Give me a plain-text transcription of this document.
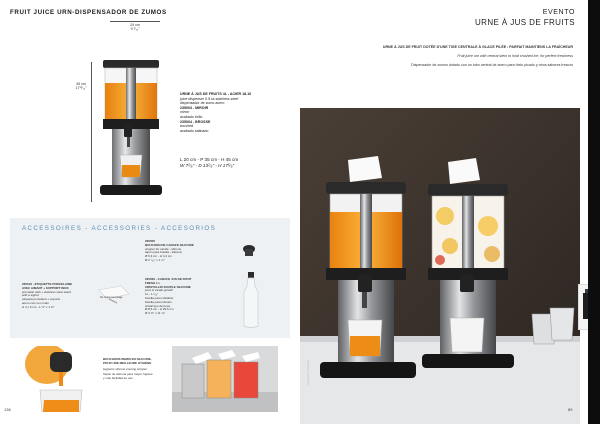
FRUIT JUICE URN-DISPENSADOR DE ZUMOS
24 cm
9 ⁷⁄₁₆"
45 cm
17¹¹⁄₁₆"
URNE À JUS DE FRUITS 4L - ACIER 18-10
juice dispenser 0.9 ss stainless steel
dispensador de zumo acero
235003 - MIROIR
mirror
acabado brillo
235004 - BROSSE
brushed
acabado satinado
L 20 cm - P 35 cm - H 45 cm
W 7⁷⁄₈" - D 13⁷⁄₈" - H 17⁵⁄₈"
ACCESSOIRES - ACCESSORIES - ACCESORIOS
235005
BOUCHON DE CARAFE SILICONE
stopper for carafe - silicone
tapón para botella - silicona
Ø 6,3 cm - H 4,4 cm
Ø 2 ⁷⁄₁₆" x 1 ¾"
235102 - ÉTIQUETTE PORCELAINE
AVEC AIMANT + SUPPORT INOX
porcelain slab + stainless steel stand
with a signal
etiqueta porcelana + soporte
acero inox con imán
H 4 x 6 cm - 1 ⅝" x 1 ⅜"
Ne coulera au lavage
235006 - CARAFE JUS DE FRUIT
FRESH 1 L
CRISTALLIN SOUPLE SILICONE
juice & carafe growth
1L - 1 ¹⁄₁₆"
botella para cristalino
botella para infusion
cristal tipo de boca
Ø 8,5 cm - H 29,5 cm
Ø 3 ⅜" x 11 ⅝"
BOUCHONS REMIS EN SILICONE,
POUR UNE MEILLEURE HYGIÈNE
Hygienic silicone pouring stopper
Tapón de silicona para mayor higiene
y más facilidad de uso
136
EVENTO
URNE À JUS DE FRUITS
URNE À JUS DE FRUIT DOTÉE D'UNE TIGE CENTRALE À GLACE PILÉE : PARFAIT MAINTIENS LA FRAÎCHEUR
Fruit juice urn with central stem to hold crushed ice, for perfect freshness
Dispensador de zumos dotado con un tubo central de acero para hielo picado y otros sabores frescos
visuel non contractuel
89
